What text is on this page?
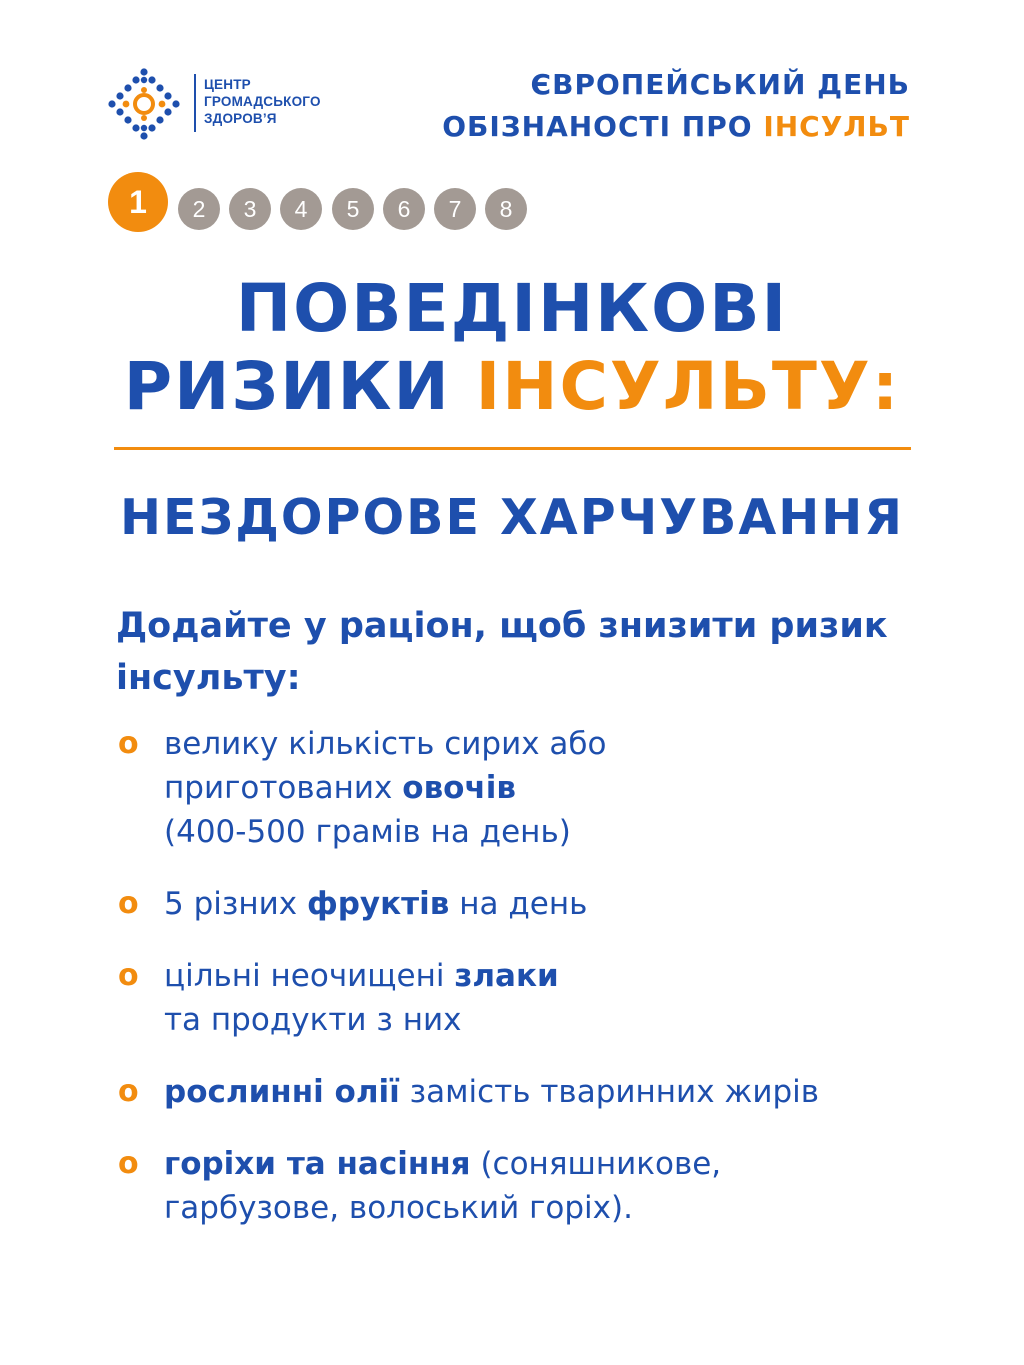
ЦЕНТР
ГРОМАДСЬКОГО
ЗДОРОВ’Я
ЄВРОПЕЙСЬКИЙ ДЕНЬ
ОБІЗНАНОСТІ ПРО ІНСУЛЬТ
1	2	3	4	5	6	7	8
ПОВЕДІНКОВІ
РИЗИКИ ІНСУЛЬТУ:
НЕЗДОРОВЕ ХАРЧУВАННЯ
Додайте у раціон, щоб знизити ризик інсульту:
o велику кількість сирих або
приготованих овочів
(400-500 грамів на день)
o 5 різних фруктів на день
o цільні неочищені злаки
та продукти з них
o рослинні олії замість тваринних жирів
o горіхи та насіння (соняшникове,
гарбузове, волоський горіх).
